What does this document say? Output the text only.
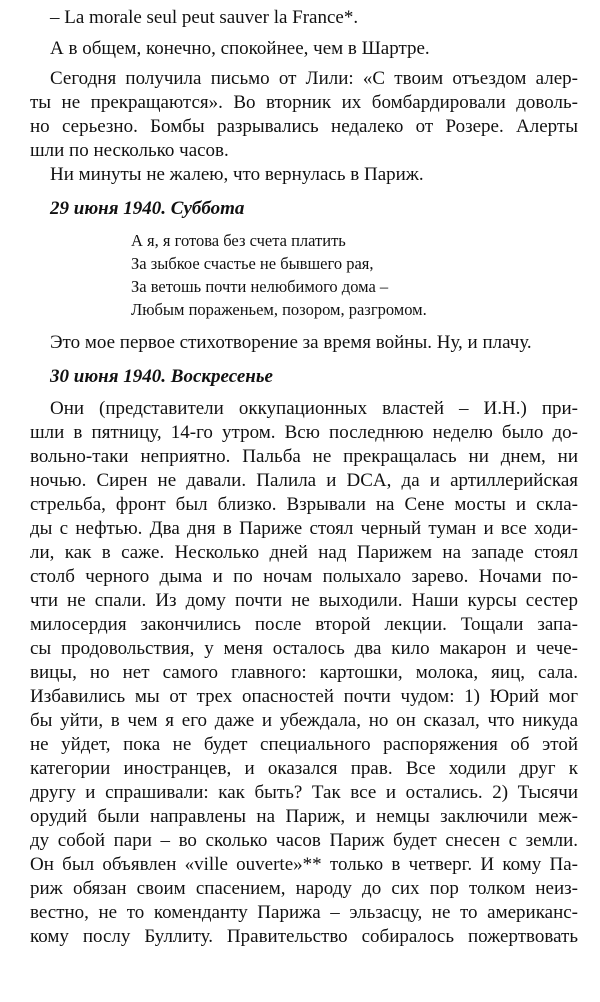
– La morale seul peut sauver la France*.
А в общем, конечно, спокойнее, чем в Шартре.
Сегодня получила письмо от Лили: «С твоим отъездом алер-
ты не прекращаются». Во вторник их бомбардировали доволь-
но серьезно. Бомбы разрывались недалеко от Розере. Алерты
шли по несколько часов.
Ни минуты не жалею, что вернулась в Париж.
29 июня 1940. Суббота
А я, я готова без счета платить
За зыбкое счастье не бывшего рая,
За ветошь почти нелюбимого дома –
Любым пораженьем, позором, разгромом.
Это мое первое стихотворение за время войны. Ну, и плачу.
30 июня 1940. Воскресенье
Они (представители оккупационных властей – И.Н.) при-
шли в пятницу, 14-го утром. Всю последнюю неделю было до-
вольно-таки неприятно. Пальба не прекращалась ни днем, ни
ночью. Сирен не давали. Палила и DCA, да и артиллерийская
стрельба, фронт был близко. Взрывали на Сене мосты и скла-
ды с нефтью. Два дня в Париже стоял черный туман и все ходи-
ли, как в саже. Несколько дней над Парижем на западе стоял
столб черного дыма и по ночам полыхало зарево. Ночами по-
чти не спали. Из дому почти не выходили. Наши курсы сестер
милосердия закончились после второй лекции. Тощали запа-
сы продовольствия, у меня осталось два кило макарон и чече-
вицы, но нет самого главного: картошки, молока, яиц, сала.
Избавились мы от трех опасностей почти чудом: 1) Юрий мог
бы уйти, в чем я его даже и убеждала, но он сказал, что никуда
не уйдет, пока не будет специального распоряжения об этой
категории иностранцев, и оказался прав. Все ходили друг к
другу и спрашивали: как быть? Так все и остались. 2) Тысячи
орудий были направлены на Париж, и немцы заключили меж-
ду собой пари – во сколько часов Париж будет снесен с земли.
Он был объявлен «ville ouverte»** только в четверг. И кому Па-
риж обязан своим спасением, народу до сих пор толком неиз-
вестно, не то коменданту Парижа – эльзасцу, не то американс-
кому послу Буллиту. Правительство собиралось пожертвовать
